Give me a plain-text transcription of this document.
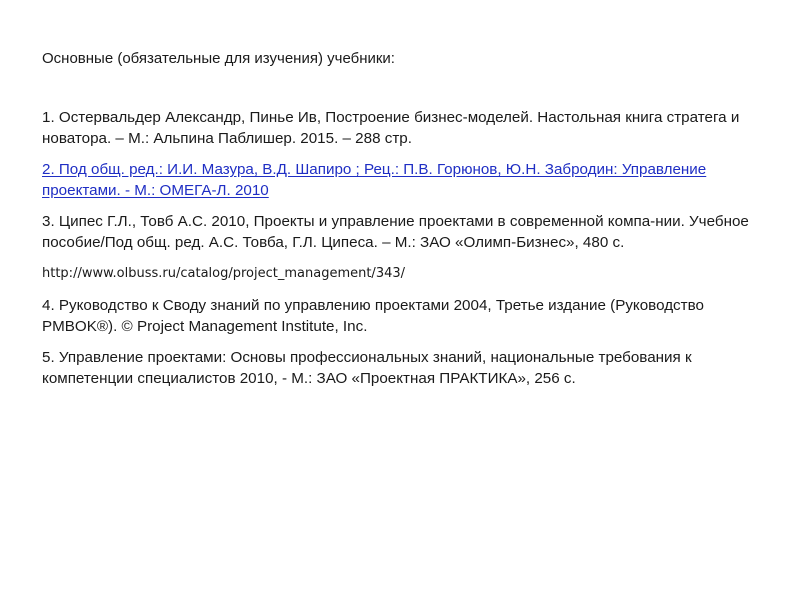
Основные (обязательные для изучения) учебники:

1. Остервальдер Александр, Пинье Ив, Построение бизнес-моделей. Настольная книга стратега и новатора. – М.: Альпина Паблишер. 2015. – 288 стр.

2. Под общ. ред.: И.И. Мазура, В.Д. Шапиро ; Рец.: П.В. Горюнов, Ю.Н. Забродин: Управление проектами. - М.: ОМЕГА-Л. 2010

3. Ципес Г.Л., Товб А.С. 2010, Проекты и управление проектами в современной компа-нии. Учебное пособие/Под общ. ред. А.С. Товба, Г.Л. Ципеса. – М.: ЗАО «Олимп-Бизнес», 480 с.

http://www.olbuss.ru/catalog/project_management/343/

4. Руководство к Своду знаний по управлению проектами 2004, Третье издание (Руководство PMBOK®). © Project Management Institute, Inc.

5. Управление проектами: Основы профессиональных знаний, национальные требования к компетенции специалистов 2010, - М.: ЗАО «Проектная ПРАКТИКА», 256 с.
